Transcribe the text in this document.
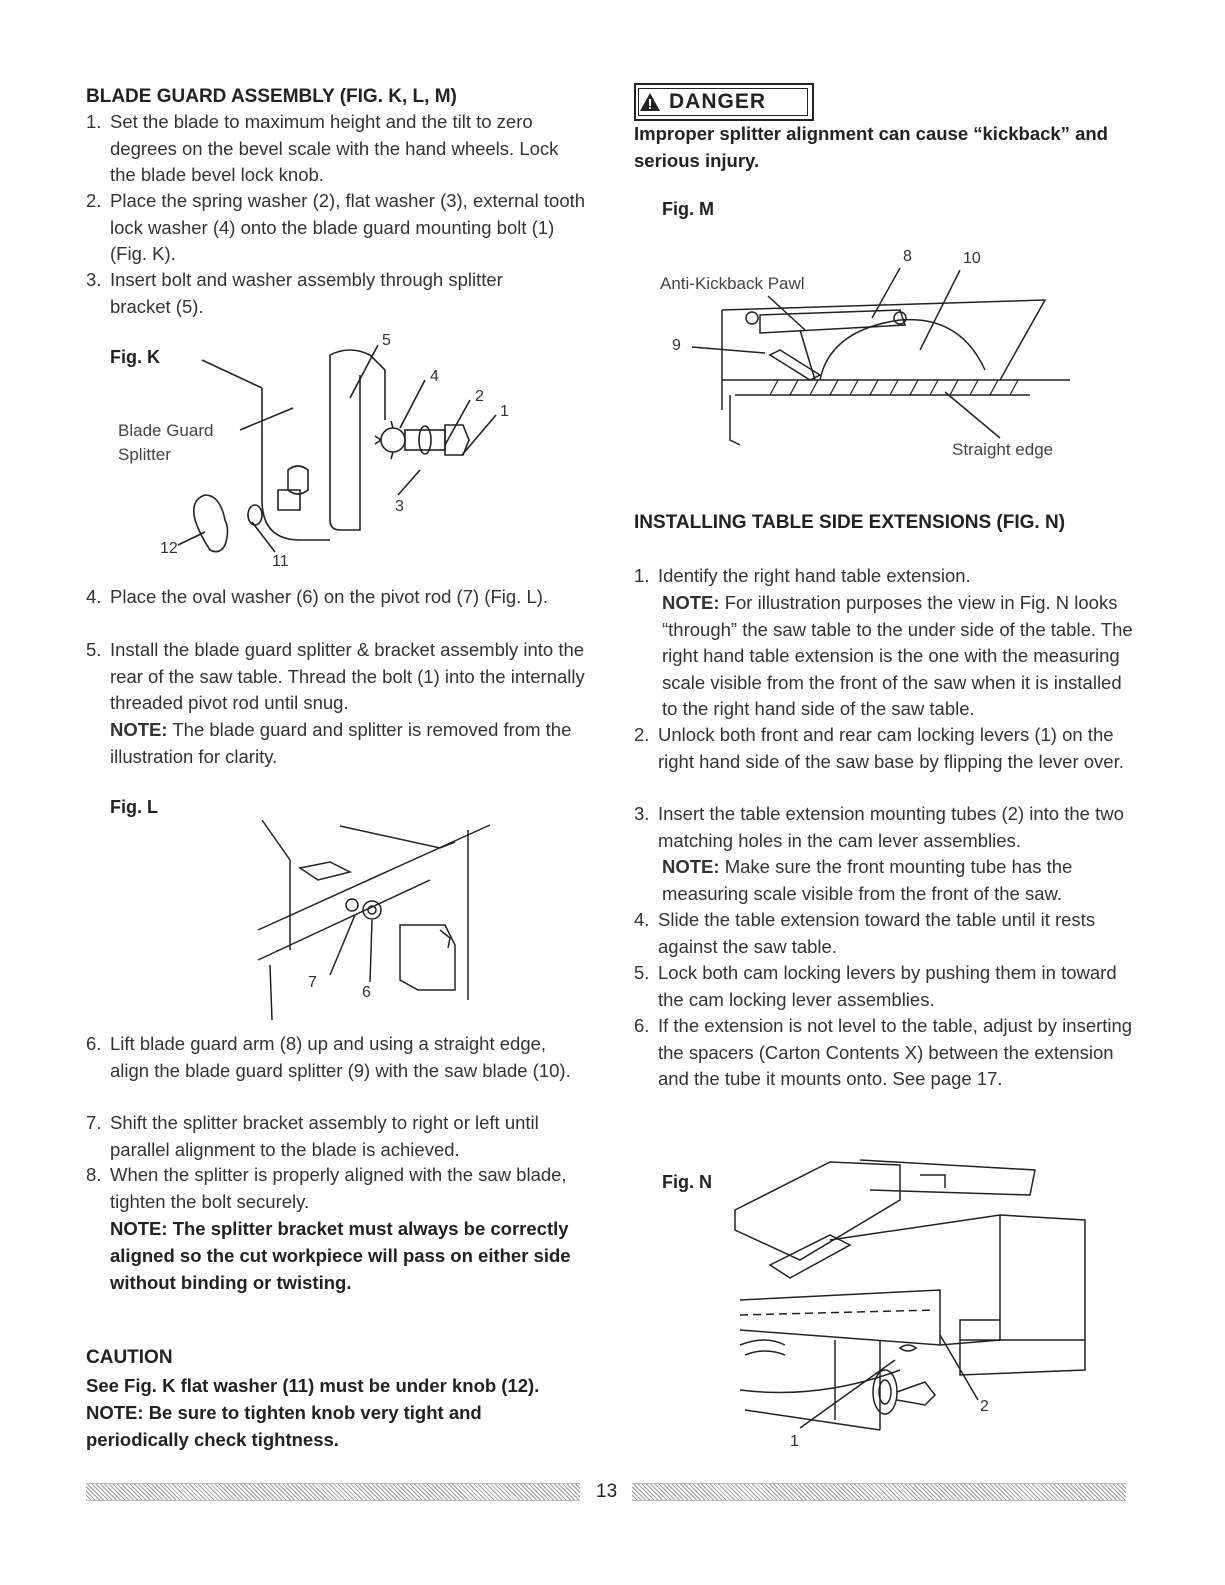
BLADE GUARD ASSEMBLY (FIG. K, L, M)
1. Set the blade to maximum height and the tilt to zero degrees on the bevel scale with the hand wheels. Lock the blade bevel lock knob.
2. Place the spring washer (2), flat washer (3), external tooth lock washer (4) onto the blade guard mounting bolt (1) (Fig. K).
3. Insert bolt and washer assembly through splitter bracket (5).
Fig. K
Blade Guard
Splitter
5
4
2
1
3
12
11
4. Place the oval washer (6) on the pivot rod (7) (Fig. L).
5. Install the blade guard splitter & bracket assembly into the rear of the saw table. Thread the bolt (1) into the internally threaded pivot rod until snug.
NOTE: The blade guard and splitter is removed from the illustration for clarity.
Fig. L
7
6
6. Lift blade guard arm (8) up and using a straight edge, align the blade guard splitter (9) with the saw blade (10).
7. Shift the splitter bracket assembly to right or left until parallel alignment to the blade is achieved.
8. When the splitter is properly aligned with the saw blade, tighten the bolt securely.
NOTE: The splitter bracket must always be correctly aligned so the cut workpiece will pass on either side without binding or twisting.
CAUTION
See Fig. K flat washer (11) must be under knob (12). NOTE: Be sure to tighten knob very tight and periodically check tightness.
DANGER
Improper splitter alignment can cause “kickback” and serious injury.
Fig. M
Anti-Kickback Pawl
Straight edge
8	10
9
INSTALLING TABLE SIDE EXTENSIONS (FIG. N)
1. Identify the right hand table extension.
NOTE: For illustration purposes the view in Fig. N looks “through” the saw table to the under side of the table. The right hand table extension is the one with the measuring scale visible from the front of the saw when it is installed to the right hand side of the saw table.
2. Unlock both front and rear cam locking levers (1) on the right hand side of the saw base by flipping the lever over.
3. Insert the table extension mounting tubes (2) into the two matching holes in the cam lever assemblies.
NOTE: Make sure the front mounting tube has the measuring scale visible from the front of the saw.
4. Slide the table extension toward the table until it rests against the saw table.
5. Lock both cam locking levers by pushing them in toward the cam locking lever assemblies.
6. If the extension is not level to the table, adjust by inserting the spacers (Carton Contents X) between the extension and the tube it mounts onto. See page 17.
Fig. N
2
1
13
